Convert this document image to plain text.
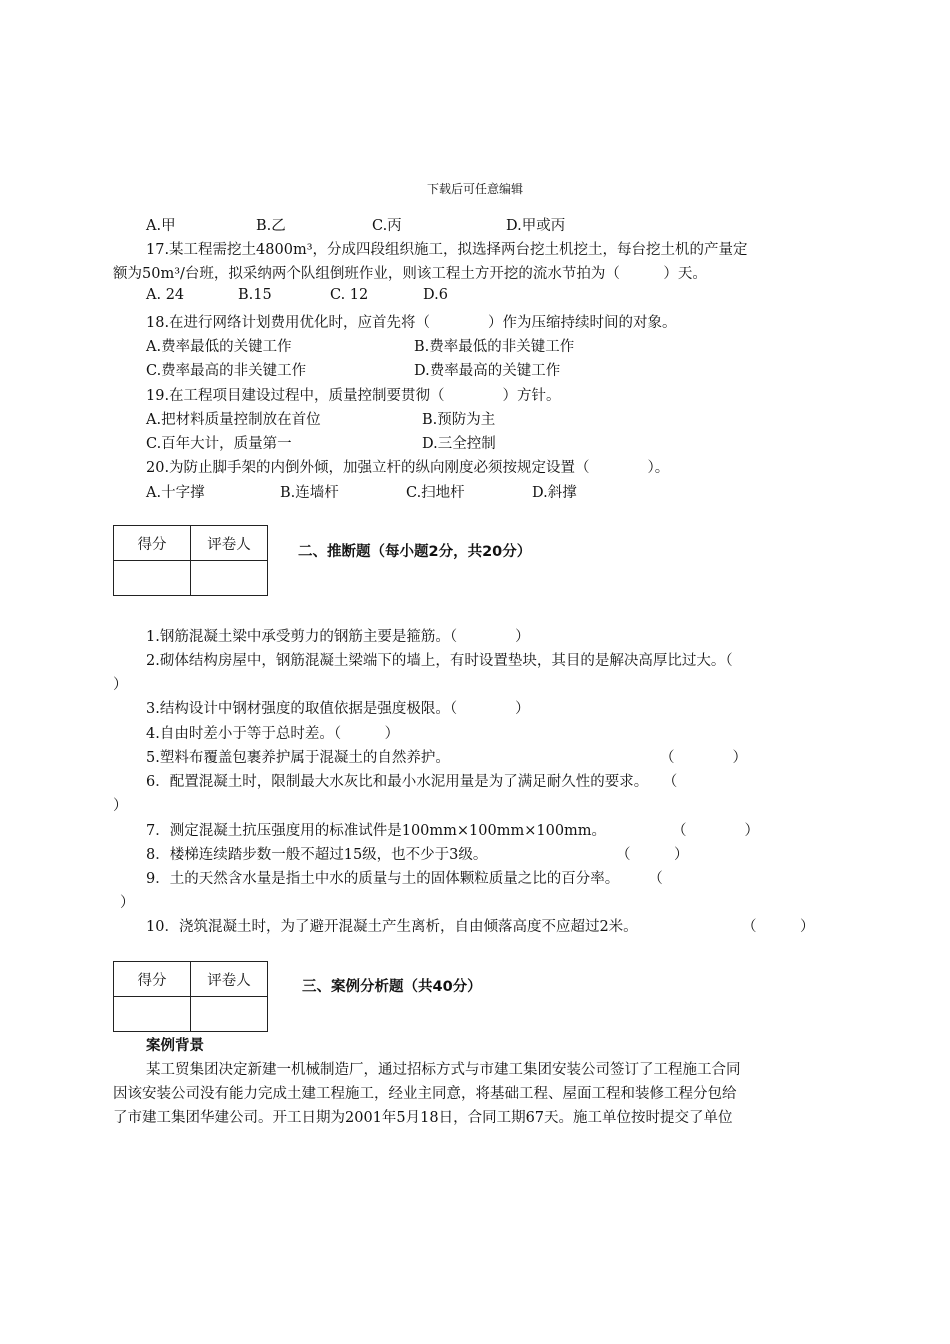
下载后可任意编辑
A.甲	B.乙	C.丙	D.甲或丙
17.某工程需挖土4800m³，分成四段组织施工，拟选择两台挖土机挖土，每台挖土机的产量定
额为50m³/台班，拟采纳两个队组倒班作业，则该工程土方开挖的流水节拍为（　　　）天。
A. 24	B.15	C. 12	D.6
18.在进行网络计划费用优化时，应首先将（　　　　）作为压缩持续时间的对象。
A.费率最低的关键工作	B.费率最低的非关键工作
C.费率最高的非关键工作	D.费率最高的关键工作
19.在工程项目建设过程中，质量控制要贯彻（　　　　）方针。
A.把材料质量控制放在首位	B.预防为主
C.百年大计，质量第一	D.三全控制
20.为防止脚手架的内倒外倾，加强立杆的纵向刚度必须按规定设置（　　　　）。
A.十字撑	B.连墙杆	C.扫地杆	D.斜撑
得分	评卷人
		二、推断题（每小题2分，共20分）
1.钢筋混凝土梁中承受剪力的钢筋主要是箍筋。（　　　　）
2.砌体结构房屋中，钢筋混凝土梁端下的墙上，有时设置垫块，其目的是解决高厚比过大。（
）
3.结构设计中钢材强度的取值依据是强度极限。（　　　　）
4.自由时差小于等于总时差。（　　　）
5.塑料布覆盖包裹养护属于混凝土的自然养护。	（　　　　）
6．配置混凝土时，限制最大水灰比和最小水泥用量是为了满足耐久性的要求。　　（
）
7．测定混凝土抗压强度用的标准试件是100mm×100mm×100mm。	（　　　　）
8．楼梯连续踏步数一般不超过15级，也不少于3级。	（　　　）
9．土的天然含水量是指土中水的质量与土的固体颗粒质量之比的百分率。　　　（
）
10．浇筑混凝土时，为了避开混凝土产生离析，自由倾落高度不应超过2米。	（　　　）
得分	评卷人
		三、案例分析题（共40分）
案例背景
某工贸集团决定新建一机械制造厂，通过招标方式与市建工集团安装公司签订了工程施工合同
因该安装公司没有能力完成土建工程施工，经业主同意，将基础工程、屋面工程和装修工程分包给
了市建工集团华建公司。开工日期为2001年5月18日，合同工期67天。施工单位按时提交了单位
